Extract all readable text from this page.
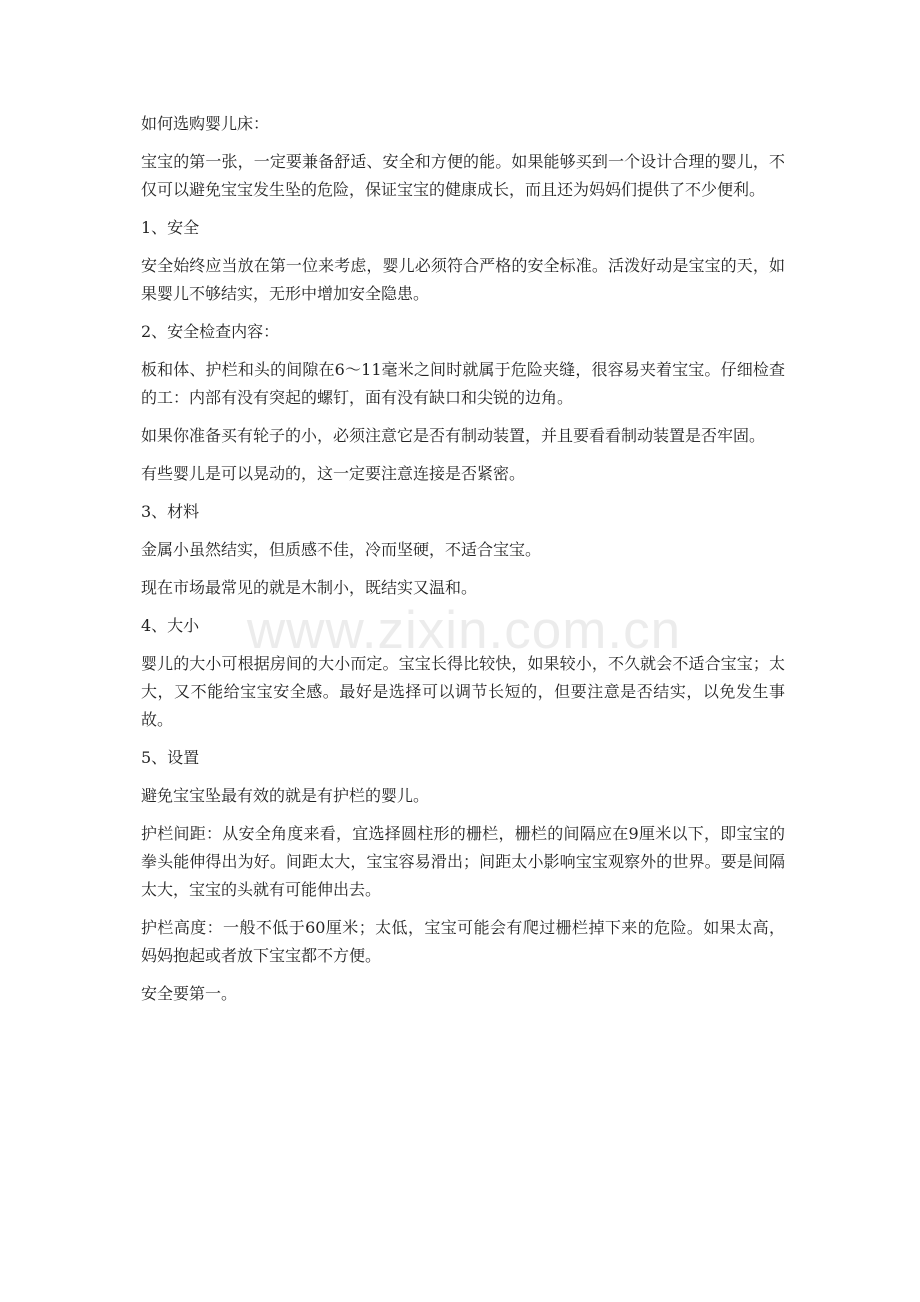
如何选购婴儿床：

宝宝的第一张，一定要兼备舒适、安全和方便的能。如果能够买到一个设计合理的婴儿，不仅可以避免宝宝发生坠的危险，保证宝宝的健康成长，而且还为妈妈们提供了不少便利。

1、安全

安全始终应当放在第一位来考虑，婴儿必须符合严格的安全标准。活泼好动是宝宝的天，如果婴儿不够结实，无形中增加安全隐患。

2、安全检查内容：

板和体、护栏和头的间隙在6～11毫米之间时就属于危险夹缝，很容易夹着宝宝。仔细检查的工：内部有没有突起的螺钉，面有没有缺口和尖锐的边角。

如果你准备买有轮子的小，必须注意它是否有制动装置，并且要看看制动装置是否牢固。

有些婴儿是可以晃动的，这一定要注意连接是否紧密。

3、材料

金属小虽然结实，但质感不佳，冷而坚硬，不适合宝宝。

现在市场最常见的就是木制小，既结实又温和。

4、大小

婴儿的大小可根据房间的大小而定。宝宝长得比较快，如果较小，不久就会不适合宝宝；太大，又不能给宝宝安全感。最好是选择可以调节长短的，但要注意是否结实，以免发生事故。

5、设置

避免宝宝坠最有效的就是有护栏的婴儿。

护栏间距：从安全角度来看，宜选择圆柱形的栅栏，栅栏的间隔应在9厘米以下，即宝宝的拳头能伸得出为好。间距太大，宝宝容易滑出；间距太小影响宝宝观察外的世界。要是间隔太大，宝宝的头就有可能伸出去。

护栏高度：一般不低于60厘米；太低，宝宝可能会有爬过栅栏掉下来的危险。如果太高，妈妈抱起或者放下宝宝都不方便。

安全要第一。

www.zixin.com.cn
